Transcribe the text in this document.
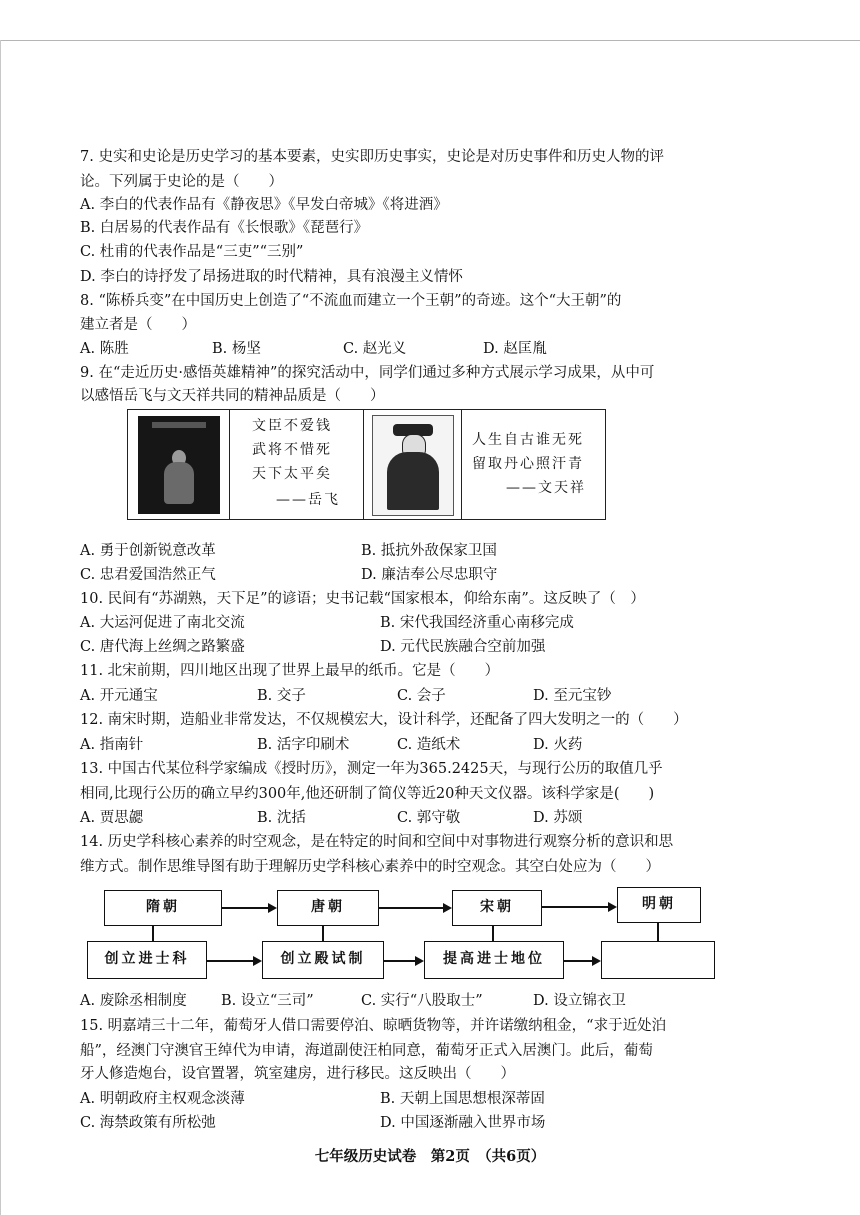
7. 史实和史论是历史学习的基本要素，史实即历史事实，史论是对历史事件和历史人物的评
论。下列属于史论的是（　　）
A. 李白的代表作品有《静夜思》《早发白帝城》《将进酒》
B. 白居易的代表作品有《长恨歌》《琵琶行》
C. 杜甫的代表作品是“三吏”“三别”
D. 李白的诗抒发了昂扬进取的时代精神，具有浪漫主义情怀
8. “陈桥兵变”在中国历史上创造了“不流血而建立一个王朝”的奇迹。这个“大王朝”的
建立者是（　　）
A. 陈胜	B. 杨坚	C. 赵光义	D. 赵匡胤
9. 在“走近历史·感悟英雄精神”的探究活动中，同学们通过多种方式展示学习成果，从中可
以感悟岳飞与文天祥共同的精神品质是（　　）
文臣不爱钱
武将不惜死
天下太平矣
——岳飞
人生自古谁无死
留取丹心照汗青
——文天祥
A. 勇于创新锐意改革	B. 抵抗外敌保家卫国
C. 忠君爱国浩然正气	D. 廉洁奉公尽忠职守
10. 民间有“苏湖熟，天下足”的谚语；史书记载“国家根本，仰给东南”。这反映了（　）
A. 大运河促进了南北交流	B. 宋代我国经济重心南移完成
C. 唐代海上丝绸之路繁盛	D. 元代民族融合空前加强
11. 北宋前期，四川地区出现了世界上最早的纸币。它是（　　）
A. 开元通宝	B. 交子	C. 会子	D. 至元宝钞
12. 南宋时期，造船业非常发达，不仅规模宏大，设计科学，还配备了四大发明之一的（　　）
A. 指南针	B. 活字印刷术	C. 造纸术	D. 火药
13. 中国古代某位科学家编成《授时历》，测定一年为365.2425天，与现行公历的取值几乎
相同,比现行公历的确立早约300年,他还研制了简仪等近20种天文仪器。该科学家是(　　)
A. 贾思勰	B. 沈括	C. 郭守敬	D. 苏颂
14. 历史学科核心素养的时空观念，是在特定的时间和空间中对事物进行观察分析的意识和思
维方式。制作思维导图有助于理解历史学科核心素养中的时空观念。其空白处应为（　　）
隋朝	唐朝	宋朝	明朝
创立进士科	创立殿试制	提高进士地位
A. 废除丞相制度 B. 设立“三司”	C. 实行“八股取士”	D. 设立锦衣卫
15. 明嘉靖三十二年，葡萄牙人借口需要停泊、晾晒货物等，并许诺缴纳租金，“求于近处泊
船”，经澳门守澳官王绰代为申请，海道副使汪柏同意，葡萄牙正式入居澳门。此后，葡萄
牙人修造炮台，设官置署，筑室建房，进行移民。这反映出（　　）
A. 明朝政府主权观念淡薄	B. 天朝上国思想根深蒂固
C. 海禁政策有所松弛	D. 中国逐渐融入世界市场
七年级历史试卷　第2页　（共6页）
